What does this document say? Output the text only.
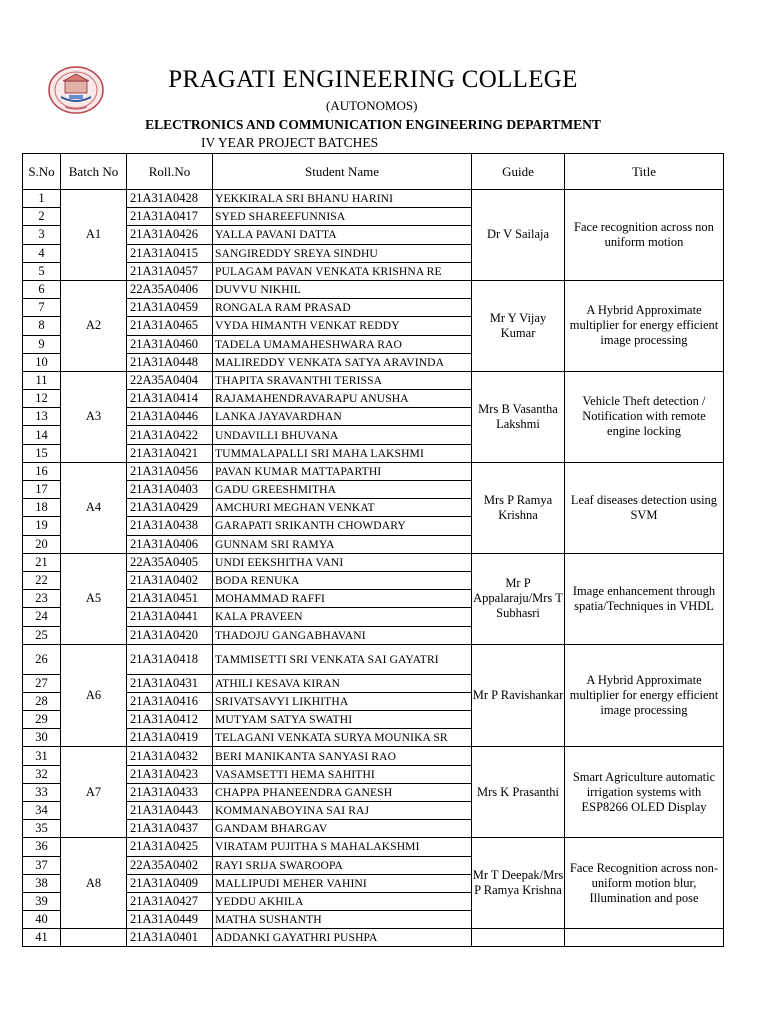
PRAGATI ENGINEERING COLLEGE
(AUTONOMOS)
ELECTRONICS AND COMMUNICATION ENGINEERING DEPARTMENT
IV YEAR PROJECT BATCHES
S.No	Batch No	Roll.No	Student Name	Guide	Title
1	A1	21A31A0428	YEKKIRALA SRI BHANU HARINI	Dr V Sailaja	Face recognition across non uniform motion
2		21A31A0417	SYED SHAREEFUNNISA		
3		21A31A0426	YALLA PAVANI DATTA		
4		21A31A0415	SANGIREDDY SREYA SINDHU		
5		21A31A0457	PULAGAM PAVAN VENKATA KRISHNA RE		
6	A2	22A35A0406	DUVVU NIKHIL	Mr Y Vijay Kumar	A Hybrid Approximate multiplier for energy efficient image processing
7		21A31A0459	RONGALA RAM PRASAD		
8		21A31A0465	VYDA HIMANTH VENKAT REDDY		
9		21A31A0460	TADELA UMAMAHESHWARA RAO		
10		21A31A0448	MALIREDDY VENKATA SATYA ARAVINDA		
11	A3	22A35A0404	THAPITA SRAVANTHI TERISSA	Mrs B Vasantha Lakshmi	Vehicle Theft detection / Notification with remote engine locking
12		21A31A0414	RAJAMAHENDRAVARAPU ANUSHA		
13		21A31A0446	LANKA JAYAVARDHAN		
14		21A31A0422	UNDAVILLI BHUVANA		
15		21A31A0421	TUMMALAPALLI SRI MAHA LAKSHMI		
16	A4	21A31A0456	PAVAN KUMAR MATTAPARTHI	Mrs P Ramya Krishna	Leaf diseases detection using SVM
17		21A31A0403	GADU GREESHMITHA		
18		21A31A0429	AMCHURI MEGHAN VENKAT		
19		21A31A0438	GARAPATI SRIKANTH CHOWDARY		
20		21A31A0406	GUNNAM SRI RAMYA		
21	A5	22A35A0405	UNDI EEKSHITHA VANI	Mr P Appalaraju/Mrs T Subhasri	Image enhancement through spatia/Techniques in VHDL
22		21A31A0402	BODA RENUKA		
23		21A31A0451	MOHAMMAD RAFFI		
24		21A31A0441	KALA PRAVEEN		
25		21A31A0420	THADOJU GANGABHAVANI		
26	A6	21A31A0418	TAMMISETTI SRI VENKATA SAI GAYATRI	Mr P Ravishankar	A Hybrid Approximate multiplier for energy efficient image processing
27		21A31A0431	ATHILI KESAVA KIRAN		
28		21A31A0416	SRIVATSAVYI LIKHITHA		
29		21A31A0412	MUTYAM SATYA SWATHI		
30		21A31A0419	TELAGANI VENKATA SURYA MOUNIKA SR		
31	A7	21A31A0432	BERI MANIKANTA SANYASI RAO	Mrs K Prasanthi	Smart Agriculture automatic irrigation systems with ESP8266 OLED Display
32		21A31A0423	VASAMSETTI HEMA SAHITHI		
33		21A31A0433	CHAPPA PHANEENDRA GANESH		
34		21A31A0443	KOMMANABOYINA SAI RAJ		
35		21A31A0437	GANDAM BHARGAV		
36	A8	21A31A0425	VIRATAM PUJITHA S MAHALAKSHMI	Mr T Deepak/Mrs P Ramya Krishna	Face Recognition across non-uniform motion blur, Illumination and pose
37		22A35A0402	RAYI SRIJA SWAROOPA		
38		21A31A0409	MALLIPUDI MEHER VAHINI		
39		21A31A0427	YEDDU AKHILA		
40		21A31A0449	MATHA SUSHANTH		
41		21A31A0401	ADDANKI GAYATHRI PUSHPA		
